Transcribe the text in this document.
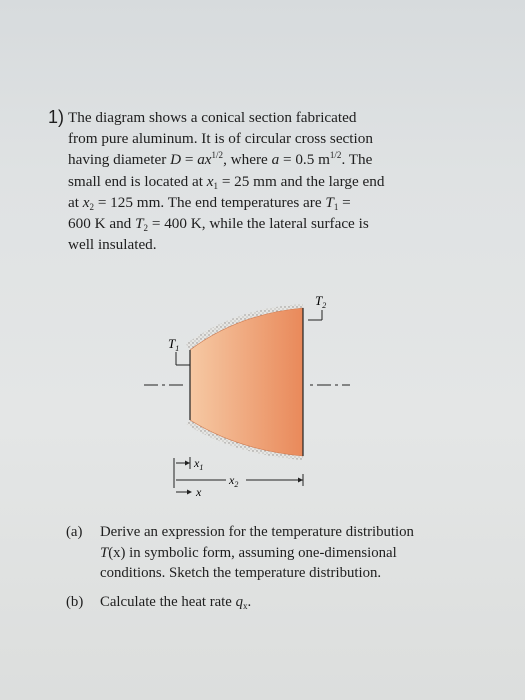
1) The diagram shows a conical section fabricated
from pure aluminum. It is of circular cross section
having diameter $D = ax^{1/2}$, where a = 0.5 $m^{1/2}$. The
small end is located at $x_1 = 25$ mm and the large end
at $x_2 = 125$ mm. The end temperatures are $T_1$ =
600 K and $T_2 = 400$ K, while the lateral surface is
well insulated.
$T_1$
$T_2$
$x_1$
$x_2$
x
(a) Derive an expression for the temperature distribution
T(x) in symbolic form, assuming one-dimensional
conditions. Sketch the temperature distribution.
(b) Calculate the heat rate $q_x$.
